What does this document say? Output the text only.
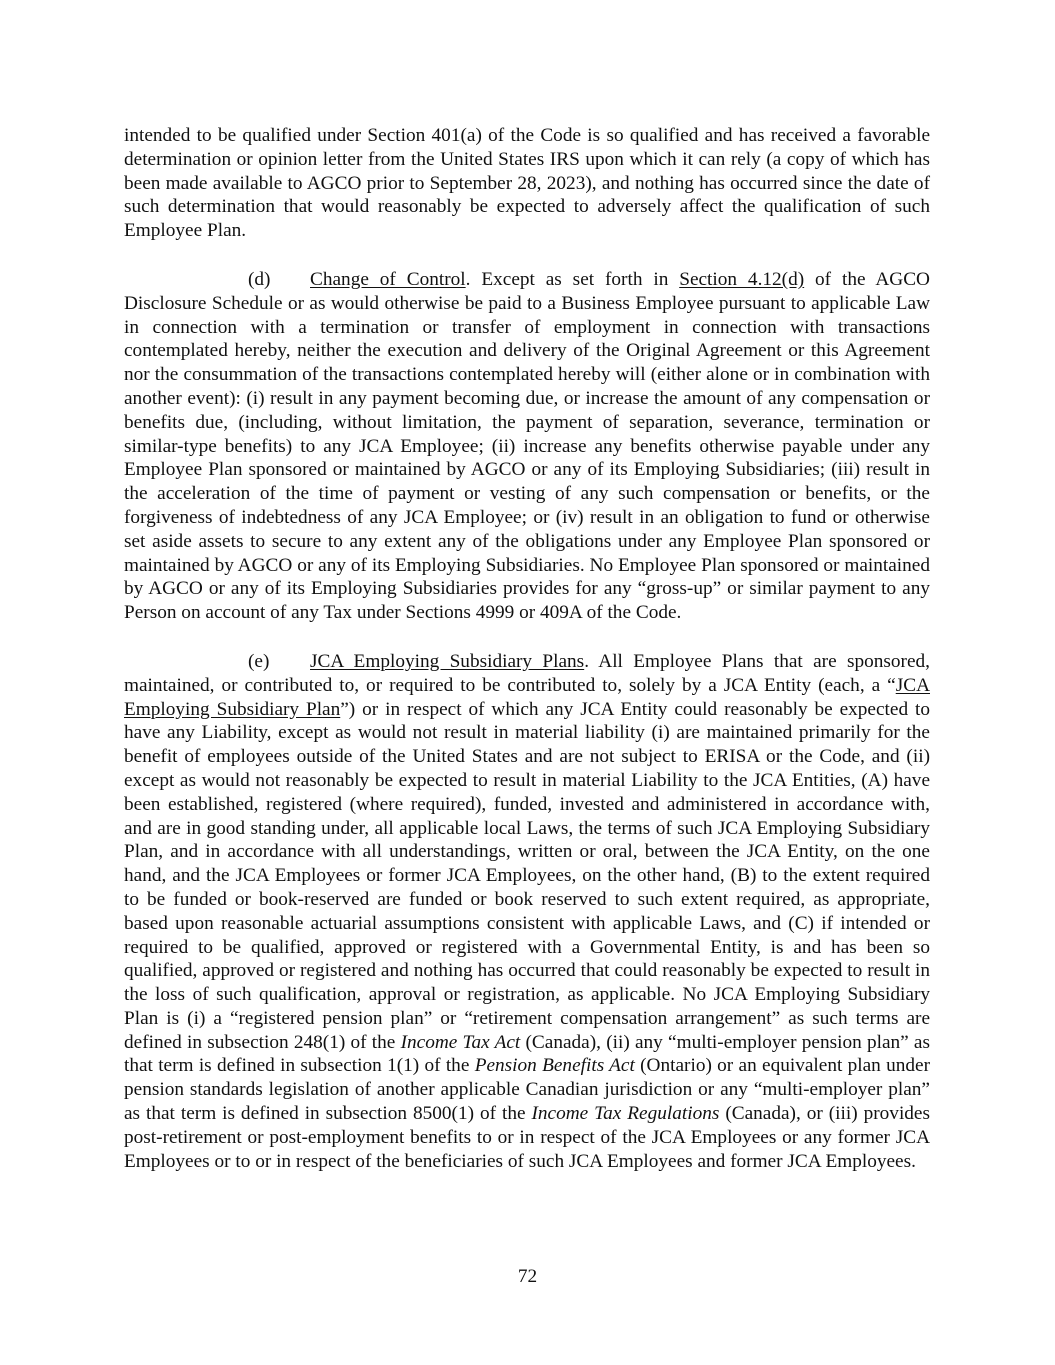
intended to be qualified under Section 401(a) of the Code is so qualified and has received a favorable determination or opinion letter from the United States IRS upon which it can rely (a copy of which has been made available to AGCO prior to September 28, 2023), and nothing has occurred since the date of such determination that would reasonably be expected to adversely affect the qualification of such Employee Plan.

(d) Change of Control. Except as set forth in Section 4.12(d) of the AGCO Disclosure Schedule or as would otherwise be paid to a Business Employee pursuant to applicable Law in connection with a termination or transfer of employment in connection with transactions contemplated hereby, neither the execution and delivery of the Original Agreement or this Agreement nor the consummation of the transactions contemplated hereby will (either alone or in combination with another event): (i) result in any payment becoming due, or increase the amount of any compensation or benefits due, (including, without limitation, the payment of separation, severance, termination or similar-type benefits) to any JCA Employee; (ii) increase any benefits otherwise payable under any Employee Plan sponsored or maintained by AGCO or any of its Employing Subsidiaries; (iii) result in the acceleration of the time of payment or vesting of any such compensation or benefits, or the forgiveness of indebtedness of any JCA Employee; or (iv) result in an obligation to fund or otherwise set aside assets to secure to any extent any of the obligations under any Employee Plan sponsored or maintained by AGCO or any of its Employing Subsidiaries. No Employee Plan sponsored or maintained by AGCO or any of its Employing Subsidiaries provides for any “gross-up” or similar payment to any Person on account of any Tax under Sections 4999 or 409A of the Code.

(e) JCA Employing Subsidiary Plans. All Employee Plans that are sponsored, maintained, or contributed to, or required to be contributed to, solely by a JCA Entity (each, a “JCA Employing Subsidiary Plan”) or in respect of which any JCA Entity could reasonably be expected to have any Liability, except as would not result in material liability (i) are maintained primarily for the benefit of employees outside of the United States and are not subject to ERISA or the Code, and (ii) except as would not reasonably be expected to result in material Liability to the JCA Entities, (A) have been established, registered (where required), funded, invested and administered in accordance with, and are in good standing under, all applicable local Laws, the terms of such JCA Employing Subsidiary Plan, and in accordance with all understandings, written or oral, between the JCA Entity, on the one hand, and the JCA Employees or former JCA Employees, on the other hand, (B) to the extent required to be funded or book-reserved are funded or book reserved to such extent required, as appropriate, based upon reasonable actuarial assumptions consistent with applicable Laws, and (C) if intended or required to be qualified, approved or registered with a Governmental Entity, is and has been so qualified, approved or registered and nothing has occurred that could reasonably be expected to result in the loss of such qualification, approval or registration, as applicable. No JCA Employing Subsidiary Plan is (i) a “registered pension plan” or “retirement compensation arrangement” as such terms are defined in subsection 248(1) of the Income Tax Act (Canada), (ii) any “multi-employer pension plan” as that term is defined in subsection 1(1) of the Pension Benefits Act (Ontario) or an equivalent plan under pension standards legislation of another applicable Canadian jurisdiction or any “multi-employer plan” as that term is defined in subsection 8500(1) of the Income Tax Regulations (Canada), or (iii) provides post-retirement or post-employment benefits to or in respect of the JCA Employees or any former JCA Employees or to or in respect of the beneficiaries of such JCA Employees and former JCA Employees.

72
